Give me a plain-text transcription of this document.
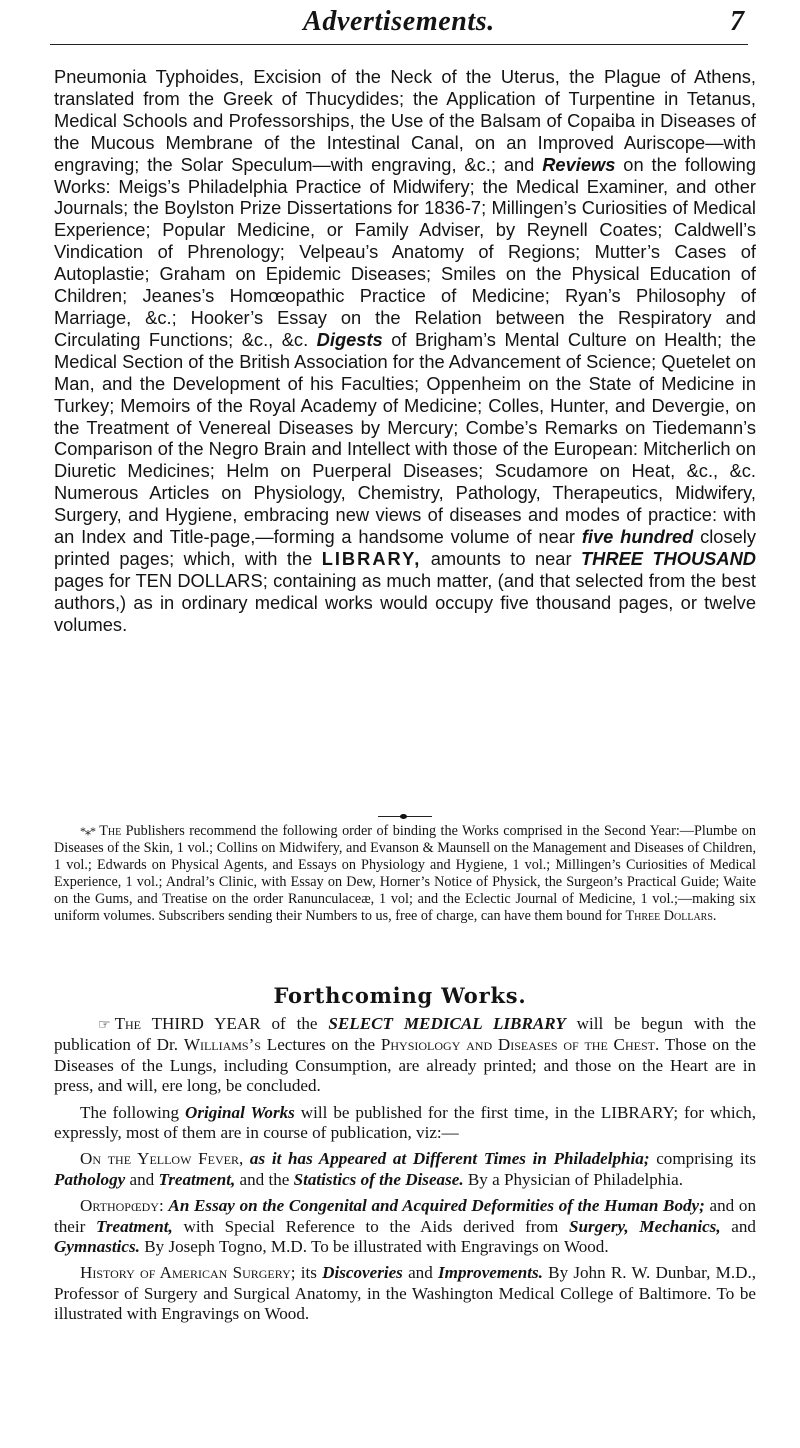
Advertisements.	7

Pneumonia Typhoides, Excision of the Neck of the Uterus, the Plague of Athens, translated from the Greek of Thucydides; the Application of Turpentine in Tetanus, Medical Schools and Professorships, the Use of the Balsam of Copaiba in Diseases of the Mucous Membrane of the Intestinal Canal, on an Improved Auriscope—with engraving; the Solar Speculum—with engraving, &c.; and Reviews on the following Works: Meigs’s Philadelphia Practice of Midwifery; the Medical Examiner, and other Journals; the Boylston Prize Dissertations for 1836-7; Millingen’s Curiosities of Medical Experience; Popular Medicine, or Family Adviser, by Reynell Coates; Caldwell’s Vindication of Phrenology; Velpeau’s Anatomy of Regions; Mutter’s Cases of Autoplastie; Graham on Epidemic Diseases; Smiles on the Physical Education of Children; Jeanes’s Homœopathic Practice of Medicine; Ryan’s Philosophy of Marriage, &c.; Hooker’s Essay on the Relation between the Respiratory and Circulating Functions; &c., &c. Digests of Brigham’s Mental Culture on Health; the Medical Section of the British Association for the Advancement of Science; Quetelet on Man, and the Development of his Faculties; Oppenheim on the State of Medicine in Turkey; Memoirs of the Royal Academy of Medicine; Colles, Hunter, and Devergie, on the Treatment of Venereal Diseases by Mercury; Combe’s Remarks on Tiedemann’s Comparison of the Negro Brain and Intellect with those of the European: Mitcherlich on Diuretic Medicines; Helm on Puerperal Diseases; Scudamore on Heat, &c., &c. Numerous Articles on Physiology, Chemistry, Pathology, Therapeutics, Midwifery, Surgery, and Hygiene, embracing new views of diseases and modes of practice: with an Index and Title-page,—forming a handsome volume of near five hundred closely printed pages; which, with the LIBRARY, amounts to near THREE THOUSAND pages for TEN DOLLARS; containing as much matter, (and that selected from the best authors,) as in ordinary medical works would occupy five thousand pages, or twelve volumes.

*⁎* The Publishers recommend the following order of binding the Works comprised in the Second Year:—Plumbe on Diseases of the Skin, 1 vol.; Collins on Midwifery, and Evanson & Maunsell on the Management and Diseases of Children, 1 vol.; Edwards on Physical Agents, and Essays on Physiology and Hygiene, 1 vol.; Millingen’s Curiosities of Medical Experience, 1 vol.; Andral’s Clinic, with Essay on Dew, Horner’s Notice of Physick, the Surgeon’s Practical Guide; Waite on the Gums, and Treatise on the order Ranunculaceæ, 1 vol; and the Eclectic Journal of Medicine, 1 vol.;—making six uniform volumes. Subscribers sending their Numbers to us, free of charge, can have them bound for Three Dollars.

Forthcoming Works.

☞ The THIRD YEAR of the SELECT MEDICAL LIBRARY will be begun with the publication of Dr. Williams’s Lectures on the Physiology and Diseases of the Chest. Those on the Diseases of the Lungs, including Consumption, are already printed; and those on the Heart are in press, and will, ere long, be concluded.

The following Original Works will be published for the first time, in the LIBRARY; for which, expressly, most of them are in course of publication, viz:—

On the Yellow Fever, as it has Appeared at Different Times in Philadelphia; comprising its Pathology and Treatment, and the Statistics of the Disease. By a Physician of Philadelphia.

Orthopœdy: An Essay on the Congenital and Acquired Deformities of the Human Body; and on their Treatment, with Special Reference to the Aids derived from Surgery, Mechanics, and Gymnastics. By Joseph Togno, M.D. To be illustrated with Engravings on Wood.

History of American Surgery; its Discoveries and Improvements. By John R. W. Dunbar, M.D., Professor of Surgery and Surgical Anatomy, in the Washington Medical College of Baltimore. To be illustrated with Engravings on Wood.
